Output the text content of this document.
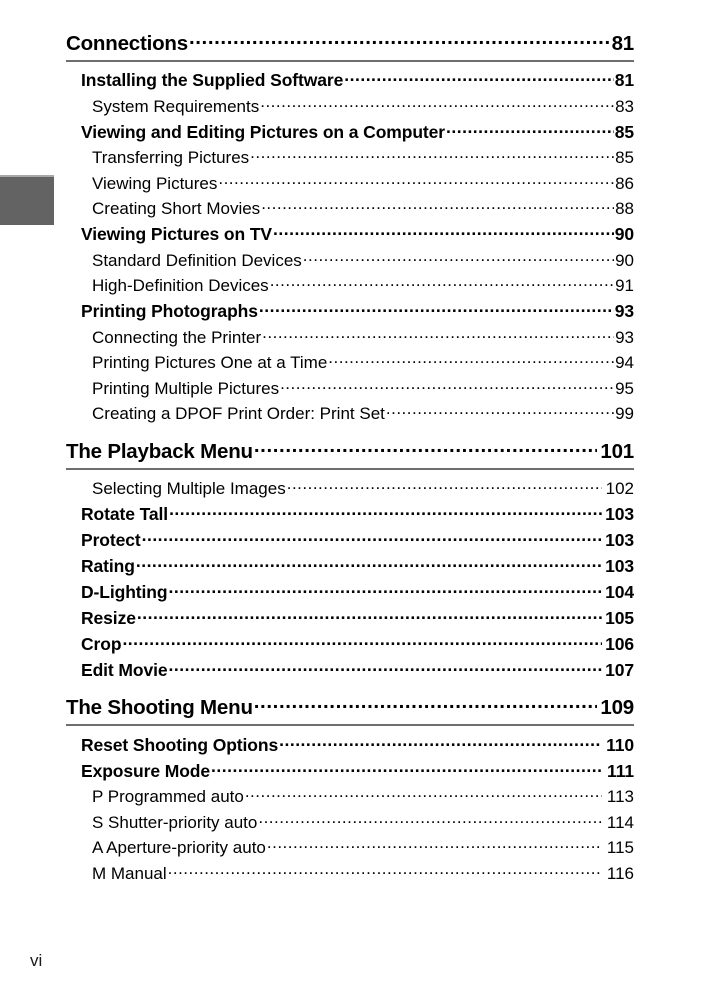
Connections .....	81
Installing the Supplied Software .....	81
System Requirements .....	83
Viewing and Editing Pictures on a Computer .....	85
Transferring Pictures .....	85
Viewing Pictures .....	86
Creating Short Movies .....	88
Viewing Pictures on TV .....	90
Standard Definition Devices .....	90
High-Definition Devices .....	91
Printing Photographs .....	93
Connecting the Printer .....	93
Printing Pictures One at a Time .....	94
Printing Multiple Pictures .....	95
Creating a DPOF Print Order: Print Set .....	99
The Playback Menu .....	101
Selecting Multiple Images .....	102
Rotate Tall .....	103
Protect .....	103
Rating .....	103
D-Lighting .....	104
Resize .....	105
Crop .....	106
Edit Movie .....	107
The Shooting Menu .....	109
Reset Shooting Options .....	110
Exposure Mode .....	111
P Programmed auto .....	113
S Shutter-priority auto .....	114
A Aperture-priority auto .....	115
M Manual .....	116
vi
